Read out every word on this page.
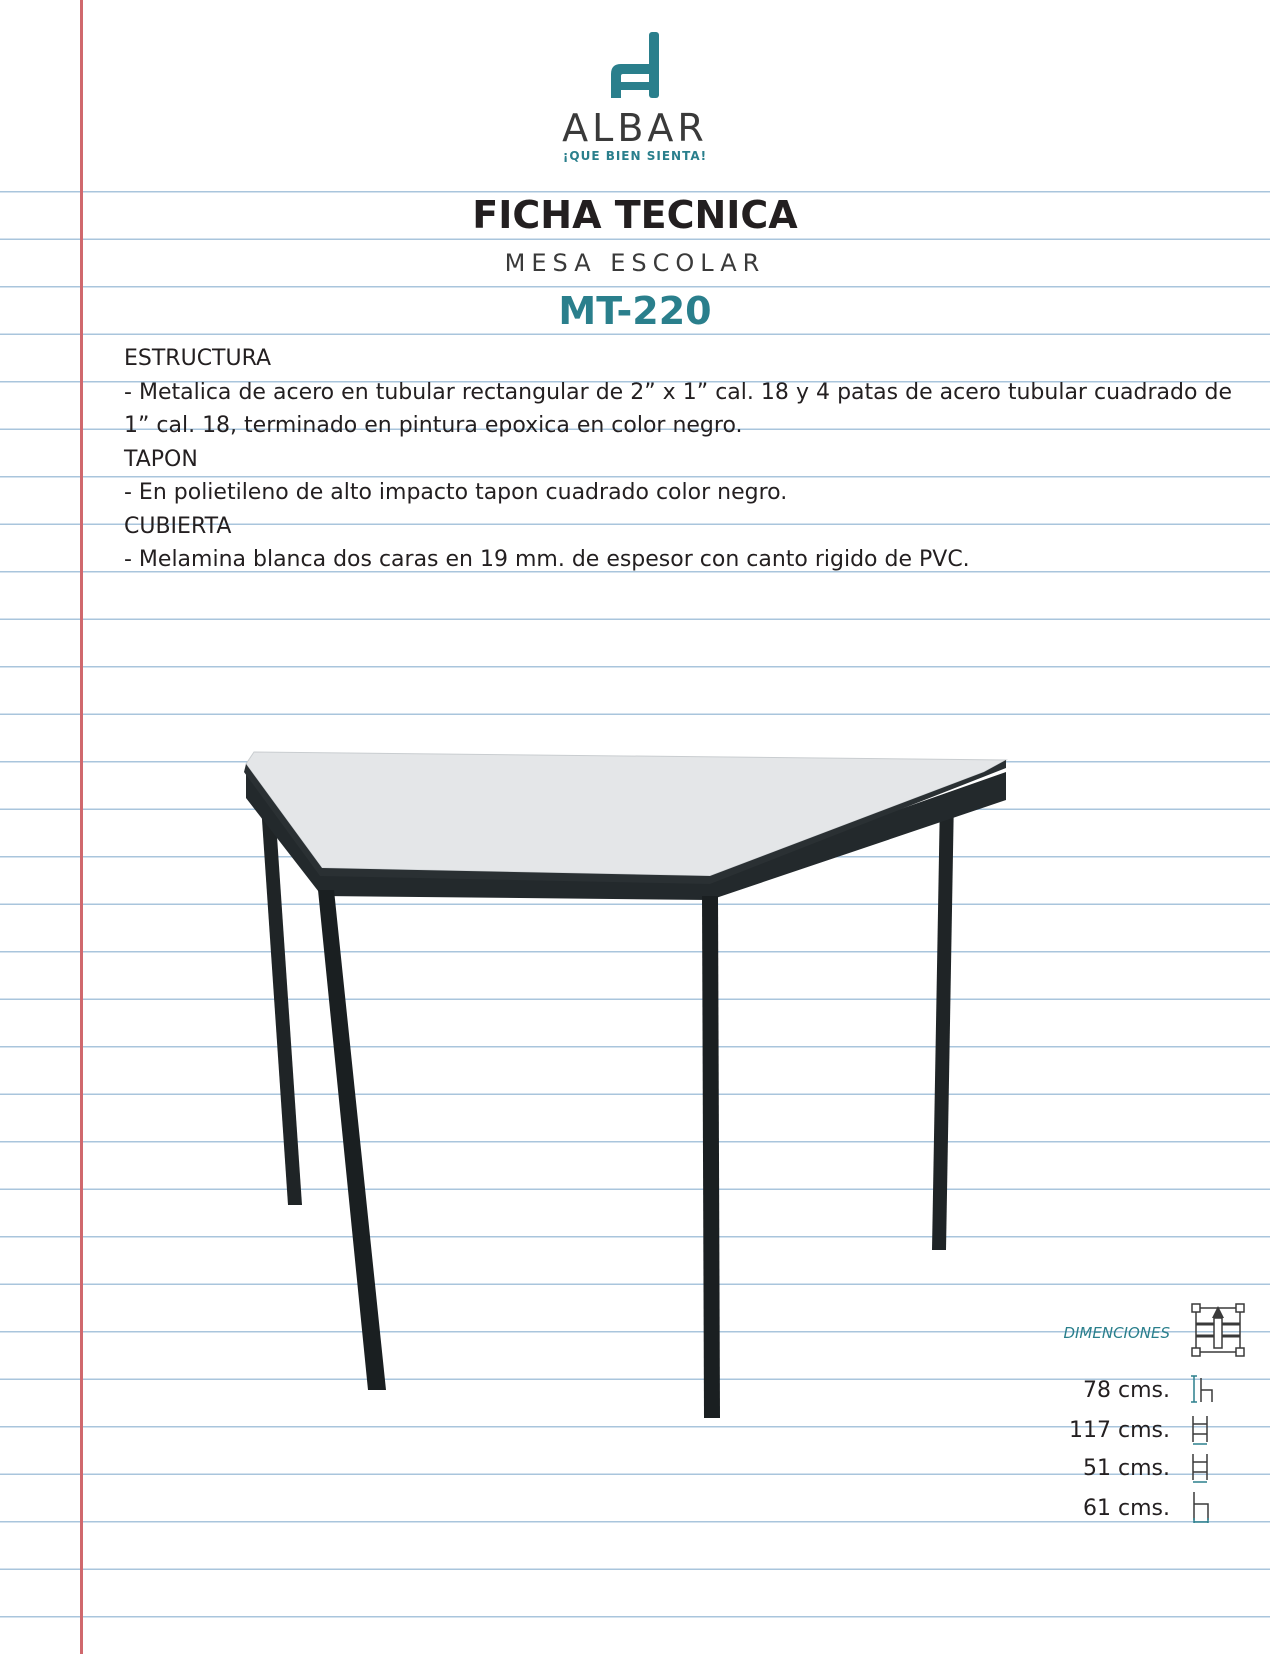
ALBAR
¡QUE BIEN SIENTA!
FICHA TECNICA
MESA ESCOLAR
MT-220

ESTRUCTURA

- Metalica de acero en tubular rectangular de 2” x 1” cal. 18 y 4 patas de acero tubular cuadrado de 1” cal. 18, terminado en pintura epoxica en color negro.

TAPON

- En polietileno de alto impacto tapon cuadrado color negro.

CUBIERTA

- Melamina blanca dos caras en 19 mm. de espesor con canto rigido de PVC.

DIMENCIONES
78 cms.
117 cms.
51 cms.
61 cms.
